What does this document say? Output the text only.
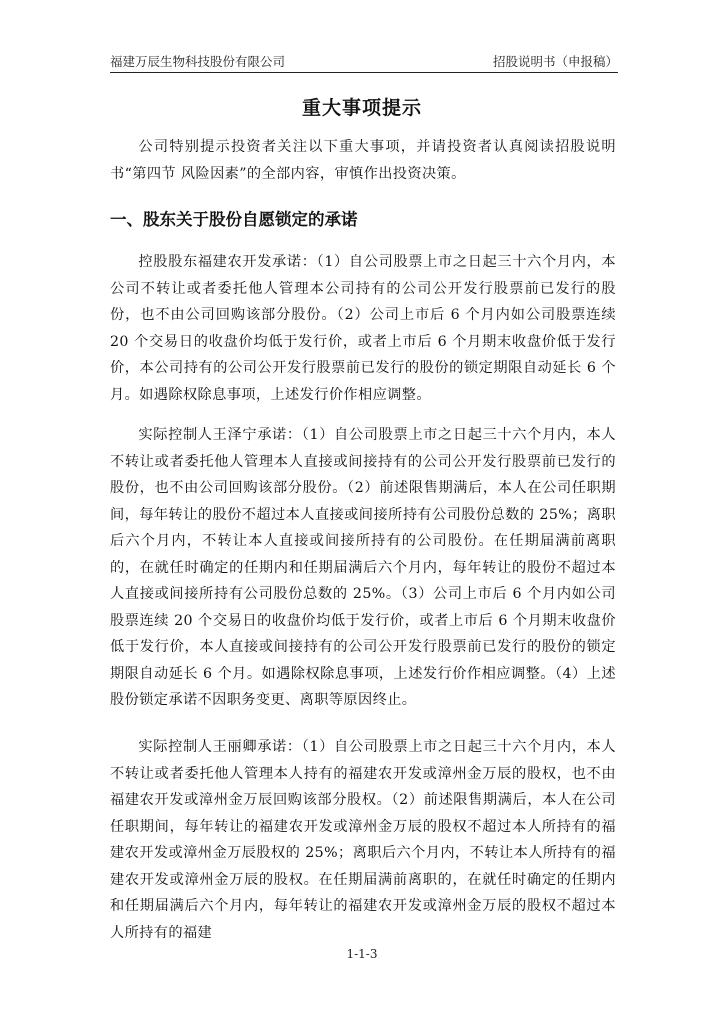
福建万辰生物科技股份有限公司	招股说明书（申报稿）
重大事项提示

公司特别提示投资者关注以下重大事项，并请投资者认真阅读招股说明书“第四节 风险因素”的全部内容，审慎作出投资决策。

一、股东关于股份自愿锁定的承诺

控股股东福建农开发承诺：（1）自公司股票上市之日起三十六个月内，本公司不转让或者委托他人管理本公司持有的公司公开发行股票前已发行的股份，也不由公司回购该部分股份。（2）公司上市后 6 个月内如公司股票连续 20 个交易日的收盘价均低于发行价，或者上市后 6 个月期末收盘价低于发行价，本公司持有的公司公开发行股票前已发行的股份的锁定期限自动延长 6 个月。如遇除权除息事项，上述发行价作相应调整。

实际控制人王泽宁承诺：（1）自公司股票上市之日起三十六个月内，本人不转让或者委托他人管理本人直接或间接持有的公司公开发行股票前已发行的股份，也不由公司回购该部分股份。（2）前述限售期满后，本人在公司任职期间，每年转让的股份不超过本人直接或间接所持有公司股份总数的 25%；离职后六个月内，不转让本人直接或间接所持有的公司股份。在任期届满前离职的，在就任时确定的任期内和任期届满后六个月内，每年转让的股份不超过本人直接或间接所持有公司股份总数的 25%。（3）公司上市后 6 个月内如公司股票连续 20 个交易日的收盘价均低于发行价，或者上市后 6 个月期末收盘价低于发行价，本人直接或间接持有的公司公开发行股票前已发行的股份的锁定期限自动延长 6 个月。如遇除权除息事项，上述发行价作相应调整。（4）上述股份锁定承诺不因职务变更、离职等原因终止。

实际控制人王丽卿承诺：（1）自公司股票上市之日起三十六个月内，本人不转让或者委托他人管理本人持有的福建农开发或漳州金万辰的股权，也不由福建农开发或漳州金万辰回购该部分股权。（2）前述限售期满后，本人在公司任职期间，每年转让的福建农开发或漳州金万辰的股权不超过本人所持有的福建农开发或漳州金万辰股权的 25%；离职后六个月内，不转让本人所持有的福建农开发或漳州金万辰的股权。在任期届满前离职的，在就任时确定的任期内和任期届满后六个月内，每年转让的福建农开发或漳州金万辰的股权不超过本人所持有的福建

1-1-3
